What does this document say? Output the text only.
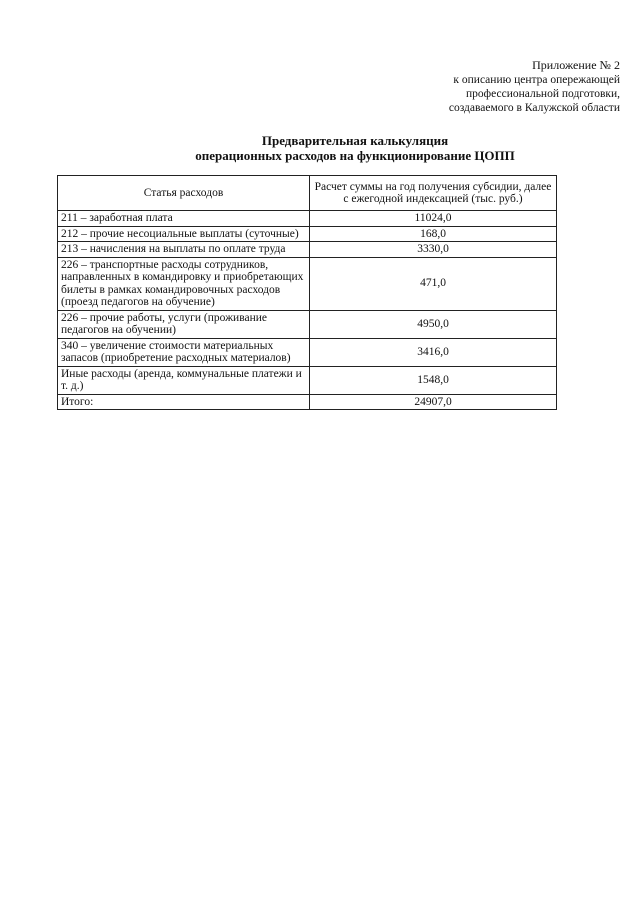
Приложение № 2
к описанию центра опережающей
профессиональной подготовки,
создаваемого в Калужской области
Предварительная калькуляция
операционных расходов на функционирование ЦОПП
Статья расходов	Расчет суммы на год получения субсидии, далее с ежегодной индексацией (тыс. руб.)
211 – заработная плата	11024,0
212 – прочие несоциальные выплаты (суточные)	168,0
213 – начисления на выплаты по оплате труда	3330,0
226 – транспортные расходы сотрудников, направленных в командировку и приобретающих билеты в рамках командировочных расходов (проезд педагогов на обучение)	471,0
226 – прочие работы, услуги (проживание педагогов на обучении)	4950,0
340 – увеличение стоимости материальных запасов (приобретение расходных материалов)	3416,0
Иные расходы (аренда, коммунальные платежи и т. д.)	1548,0
Итого:	24907,0
